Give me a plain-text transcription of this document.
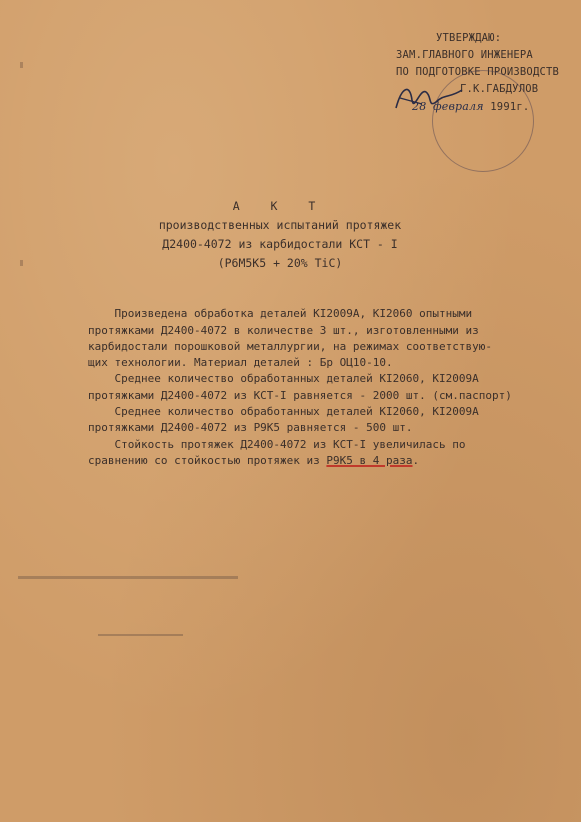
УТВЕРЖДАЮ:
ЗАМ.ГЛАВНОГО ИНЖЕНЕРА
ПО ПОДГОТОВКЕ ПРОИЗВОДСТВ
Г.К.ГАБДУЛОВ
28 февраля 1991г.
А К Т
производственных испытаний протяжек
Д2400-4072 из карбидостали КСТ - I
(Р6М5К5 + 20% TiC)

Произведена обработка деталей КI2009А, КI2060 опытными
протяжками Д2400-4072 в количестве 3 шт., изготовленными из
карбидостали порошковой металлургии, на режимах соответствую-
щих технологии. Материал деталей : Бр ОЦ10-10.
Среднее количество обработанных деталей КI2060, КI2009А
протяжками Д2400-4072 из КСТ-I равняется - 2000 шт. (см.паспорт)
Среднее количество обработанных деталей КI2060, КI2009А
протяжками Д2400-4072 из Р9К5 равняется - 500 шт.
Стойкость протяжек Д2400-4072 из КСТ-I увеличилась по
сравнению со стойкостью протяжек из Р9К5 в 4 раза.
